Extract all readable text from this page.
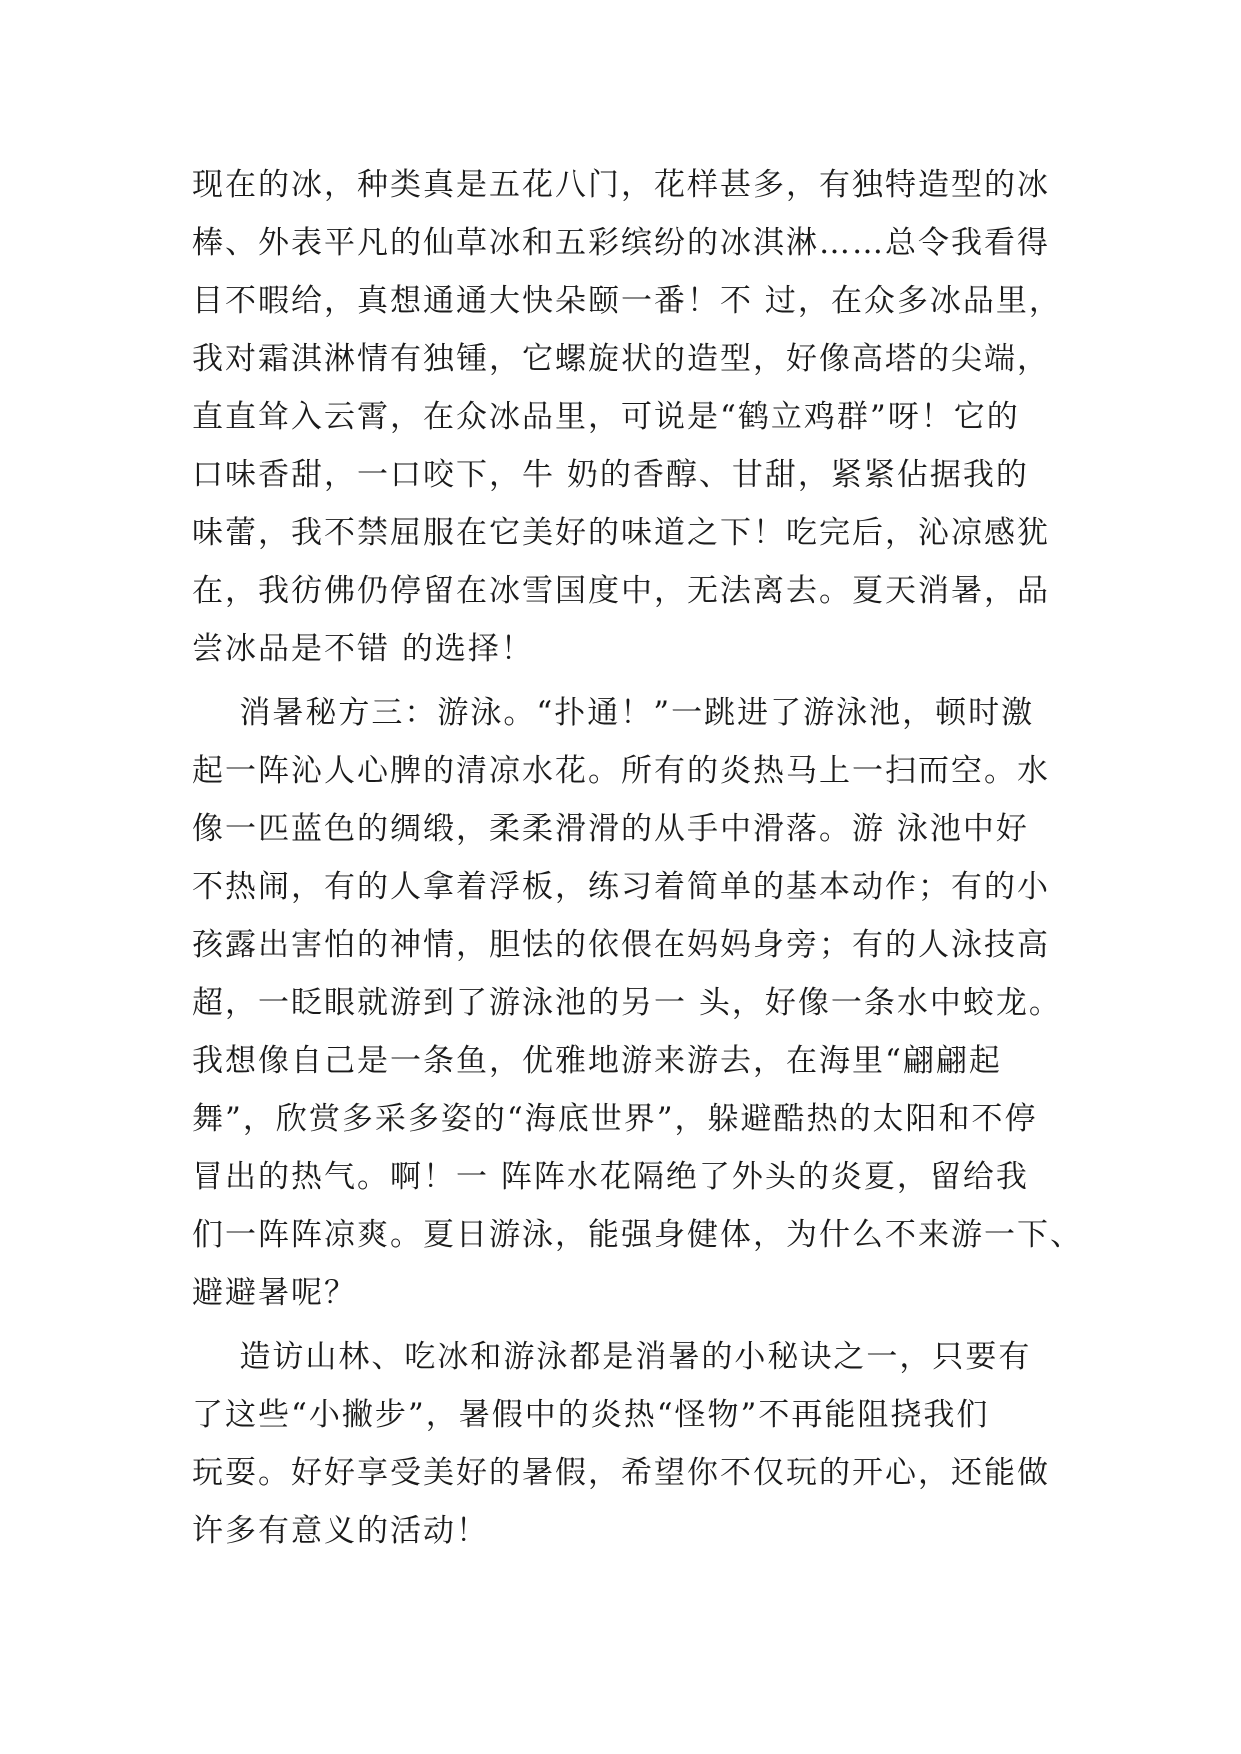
现在的冰，种类真是五花八门，花样甚多，有独特造型的冰
棒、外表平凡的仙草冰和五彩缤纷的冰淇淋……总令我看得
目不暇给，真想通通大快朵颐一番！不 过，在众多冰品里，
我对霜淇淋情有独锺，它螺旋状的造型，好像高塔的尖端，
直直耸入云霄，在众冰品里，可说是“鹤立鸡群”呀！它的
口味香甜，一口咬下，牛 奶的香醇、甘甜，紧紧佔据我的
味蕾，我不禁屈服在它美好的味道之下！吃完后，沁凉感犹
在，我彷佛仍停留在冰雪国度中，无法离去。夏天消暑，品
尝冰品是不错 的选择！
消暑秘方三：游泳。“扑通！”一跳进了游泳池，顿时激
起一阵沁人心脾的清凉水花。所有的炎热马上一扫而空。水
像一匹蓝色的绸缎，柔柔滑滑的从手中滑落。游 泳池中好
不热闹，有的人拿着浮板，练习着简单的基本动作；有的小
孩露出害怕的神情，胆怯的依偎在妈妈身旁；有的人泳技高
超，一眨眼就游到了游泳池的另一 头，好像一条水中蛟龙。
我想像自己是一条鱼，优雅地游来游去，在海里“翩翩起
舞”，欣赏多采多姿的“海底世界”，躲避酷热的太阳和不停
冒出的热气。啊！一 阵阵水花隔绝了外头的炎夏，留给我
们一阵阵凉爽。夏日游泳，能强身健体，为什么不来游一下、
避避暑呢？
造访山林、吃冰和游泳都是消暑的小秘诀之一，只要有
了这些“小撇步”，暑假中的炎热“怪物”不再能阻挠我们
玩耍。好好享受美好的暑假，希望你不仅玩的开心，还能做
许多有意义的活动！
